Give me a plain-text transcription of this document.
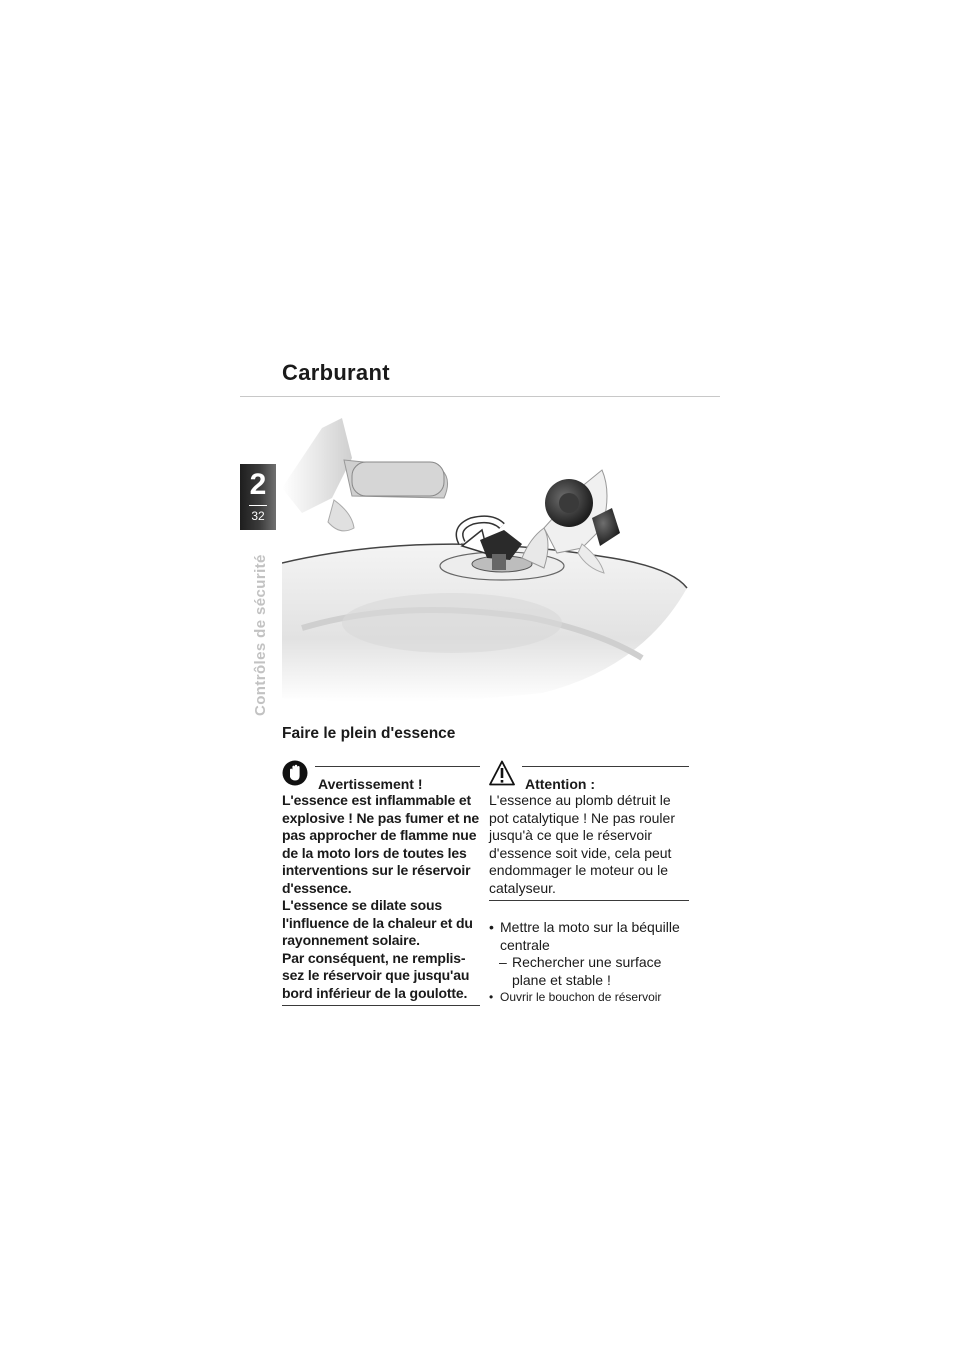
Carburant
2
32
Contrôles de sécurité
Faire le plein d'essence
Avertissement !
L'essence est inflammable et explosive ! Ne pas fumer et ne pas approcher de flamme nue de la moto lors de toutes les interventions sur le réservoir d'essence.
L'essence se dilate sous l'influence de la chaleur et du rayonnement solaire.
Par conséquent, ne remplis-sez le réservoir que jusqu'au bord inférieur de la goulotte.
Attention :
L'essence au plomb détruit le pot catalytique ! Ne pas rouler jusqu'à ce que le réservoir d'essence soit vide, cela peut endommager le moteur ou le catalyseur.
• Mettre la moto sur la béquille centrale
– Rechercher une surface plane et stable !
• Ouvrir le bouchon de réservoir
